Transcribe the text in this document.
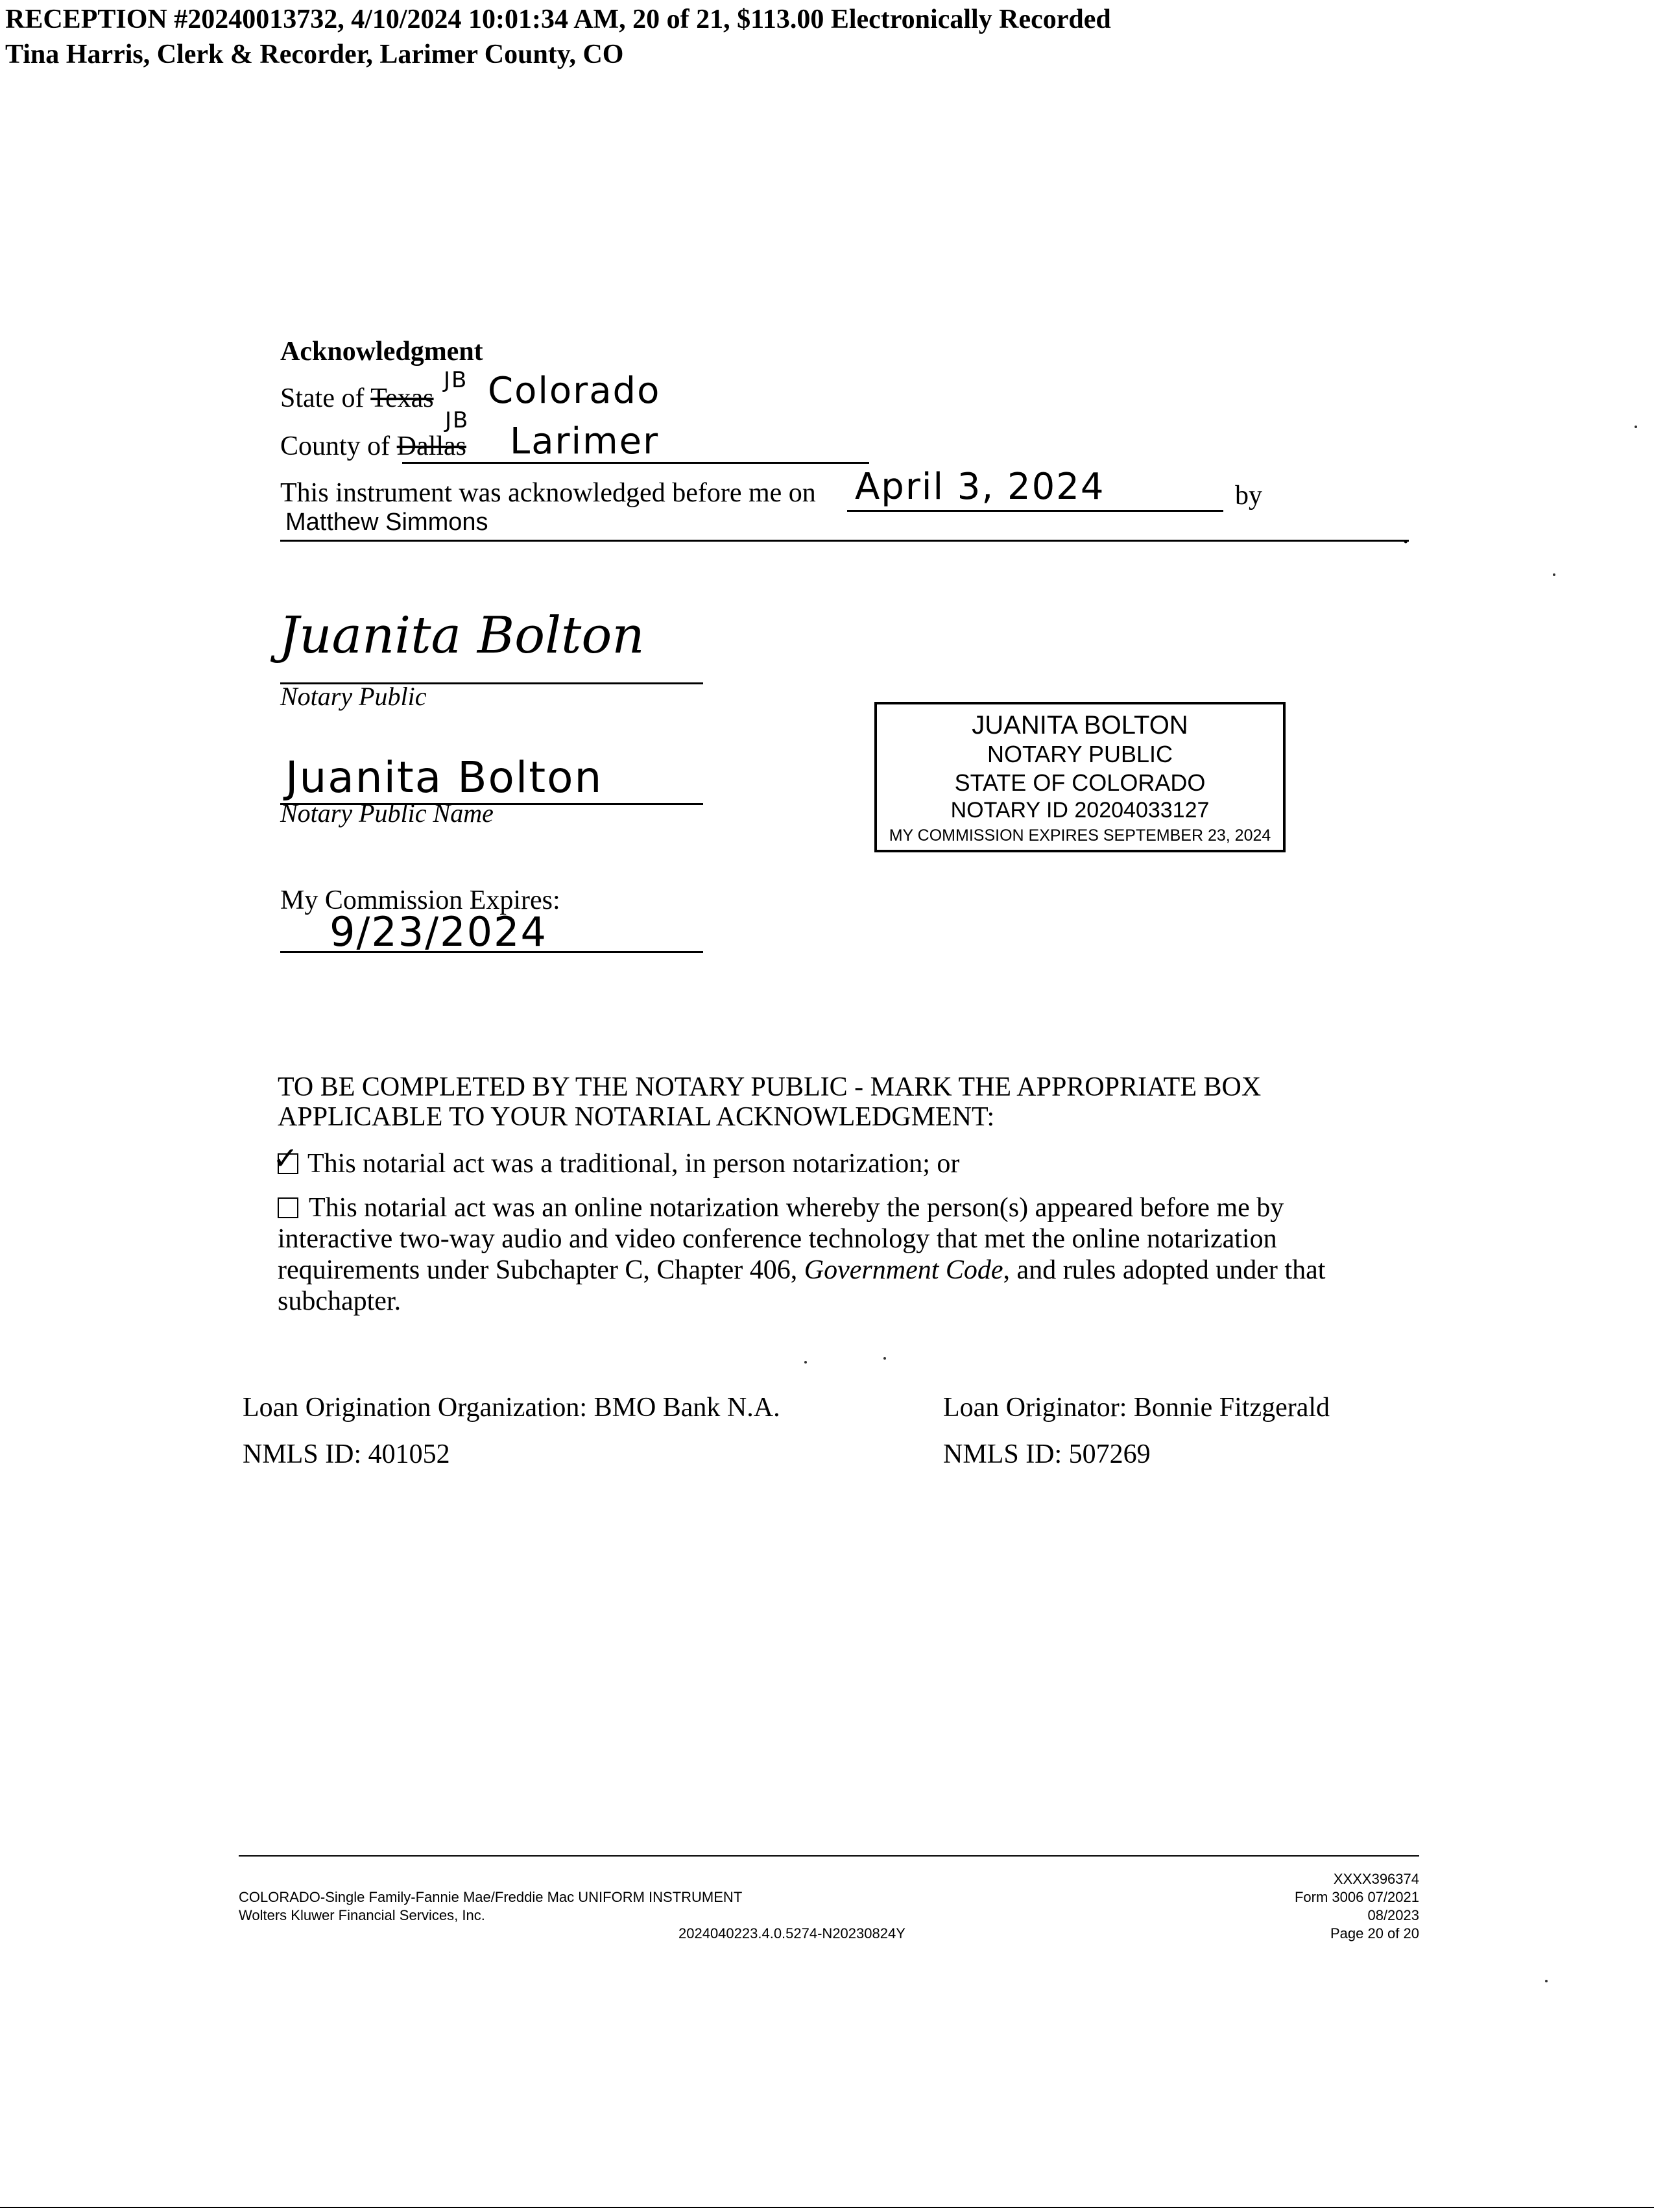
RECEPTION #20240013732, 4/10/2024 10:01:34 AM, 20 of 21, $113.00 Electronically Recorded
Tina Harris, Clerk & Recorder, Larimer County, CO
Acknowledgment
State of Texas
JB Colorado
County of Dallas
JB Larimer
This instrument was acknowledged before me on April 3, 2024	by
Matthew Simmons	.
Juanita Bolton
Notary Public
Juanita Bolton
Notary Public Name
My Commission Expires:
9/23/2024
JUANITA BOLTON
NOTARY PUBLIC
STATE OF COLORADO
NOTARY ID 20204033127
MY COMMISSION EXPIRES SEPTEMBER 23, 2024
TO BE COMPLETED BY THE NOTARY PUBLIC - MARK THE APPROPRIATE BOX
APPLICABLE TO YOUR NOTARIAL ACKNOWLEDGMENT:
✓ This notarial act was a traditional, in person notarization; or
This notarial act was an online notarization whereby the person(s) appeared before me by
interactive two-way audio and video conference technology that met the online notarization
requirements under Subchapter C, Chapter 406, Government Code, and rules adopted under that
subchapter.
Loan Origination Organization: BMO Bank N.A.
NMLS ID: 401052
Loan Originator: Bonnie Fitzgerald
NMLS ID: 507269
COLORADO-Single Family-Fannie Mae/Freddie Mac UNIFORM INSTRUMENT
Wolters Kluwer Financial Services, Inc.
2024040223.4.0.5274-N20230824Y
XXXX396374
Form 3006 07/2021
08/2023
Page 20 of 20
